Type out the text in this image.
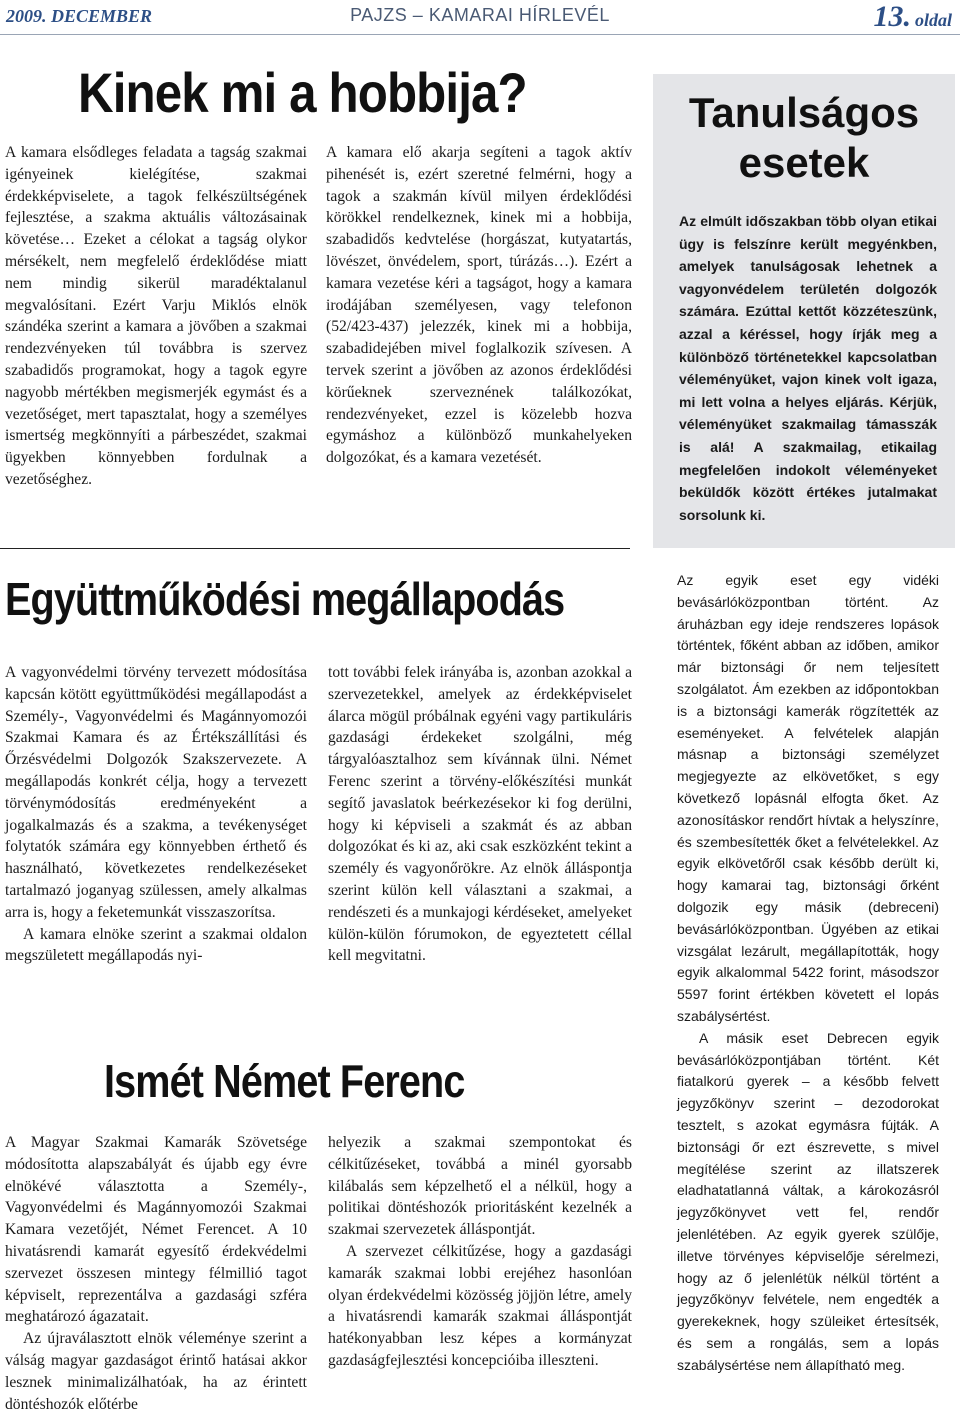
2009. DECEMBER	PAJZS – KAMARAI HÍRLEVÉL	13. oldal
Kinek mi a hobbija?

A kamara elsődleges feladata a tagság szakmai igényeinek kielégítése, szakmai érdekképviselete, a tagok felkészültségének fejlesztése, a szakma aktuális változásainak követése… Ezeket a célokat a tagság olykor mérsékelt, nem megfelelő érdeklődése miatt nem mindig sikerül maradéktalanul megvalósítani. Ezért Varju Miklós elnök szándéka szerint a kamara a jövőben a szakmai rendezvényeken túl továbbra is szervez szabadidős programokat, hogy a tagok egyre nagyobb mértékben megismerjék egymást és a vezetőséget, mert tapasztalat, hogy a személyes ismertség megkönnyíti a párbeszédet, szakmai ügyekben könnyebben fordulnak a vezetőséghez.

A kamara elő akarja segíteni a tagok aktív pihenését is, ezért szeretné felmérni, hogy a tagok a szakmán kívül milyen érdeklődési körökkel rendelkeznek, kinek mi a hobbija, szabadidős kedvtelése (horgászat, kutyatartás, lövészet, önvédelem, sport, túrázás…). Ezért a kamara vezetése kéri a tagságot, hogy a kamara irodájában személyesen, vagy telefonon (52/423-437) jelezzék, kinek mi a hobbija, szabadidejében mivel foglalkozik szívesen. A tervek szerint a jövőben az azonos érdeklődési körűeknek szerveznének találkozókat, rendezvényeket, ezzel is közelebb hozva egymáshoz a különböző munkahelyeken dolgozókat, és a kamara vezetését.

Tanulságos
esetek
Az elmúlt időszakban több olyan etikai ügy is felszínre került megyénkben, amelyek tanulságosak lehetnek a vagyonvédelem területén dolgozók számára. Ezúttal kettőt közzéteszünk, azzal a kéréssel, hogy írják meg a különböző történetekkel kapcsolatban véleményüket, vajon kinek volt igaza, mi lett volna a helyes eljárás. Kérjük, véleményüket szakmailag támasszák is alá! A szakmailag, etikailag megfelelően indokolt véleményeket beküldők között értékes jutalmakat sorsolunk ki.
Együttműködési megállapodás

A vagyonvédelmi törvény tervezett módosítása kapcsán kötött együttműködési megállapodást a Személy-, Vagyonvédelmi és Magánnyomozói Szakmai Kamara és az Értékszállítási és Őrzésvédelmi Dolgozók Szakszervezete. A megállapodás konkrét célja, hogy a tervezett törvénymódosítás eredményeként a jogalkalmazás és a szakma, a tevékenységet folytatók számára egy könnyebben érthető és használható, következetes rendelkezéseket tartalmazó joganyag szülessen, amely alkalmas arra is, hogy a feketemunkát visszaszorítsa.

A kamara elnöke szerint a szakmai oldalon megszületett megállapodás nyi-

tott további felek irányába is, azonban azokkal a szervezetekkel, amelyek az érdekképviselet álarca mögül próbálnak egyéni vagy partikuláris gazdasági érdekeket szolgálni, még tárgyalóasztalhoz sem kívánnak ülni. Német Ferenc szerint a törvény-előkészítési munkát segítő javaslatok beérkezésekor ki fog derülni, hogy ki képviseli a szakmát és az abban dolgozókat és ki az, aki csak eszközként tekint a személy és vagyonőrökre. Az elnök álláspontja szerint külön kell választani a szakmai, a rendészeti és a munkajogi kérdéseket, amelyeket külön-külön fórumokon, de egyeztetett céllal kell megvitatni.

Ismét Német Ferenc

A Magyar Szakmai Kamarák Szövetsége módosította alapszabályát és újabb egy évre elnökévé választotta a Személy-, Vagyonvédelmi és Magánnyomozói Szakmai Kamara vezetőjét, Német Ferencet. A 10 hivatásrendi kamarát egyesítő érdekvédelmi szervezet összesen mintegy félmillió tagot képviselt, reprezentálva a gazdasági szféra meghatározó ágazatait.

Az újraválasztott elnök véleménye szerint a válság magyar gazdaságot érintő hatásai akkor lesznek minimalizálhatóak, ha az érintett döntéshozók előtérbe

helyezik a szakmai szempontokat és célkitűzéseket, továbbá a minél gyorsabb kilábalás sem képzelhető el a nélkül, hogy a politikai döntéshozók prioritásként kezelnék a szakmai szervezetek álláspontját.

A szervezet célkitűzése, hogy a gazdasági kamarák szakmai lobbi erejéhez hasonlóan olyan érdekvédelmi közösség jöjjön létre, amely a hivatásrendi kamarák szakmai álláspontját hatékonyabban lesz képes a kormányzat gazdaságfejlesztési koncepcióiba illeszteni.

Az egyik eset egy vidéki bevásárlóközpontban történt. Az áruházban egy ideje rendszeres lopások történtek, főként abban az időben, amikor már biztonsági őr nem teljesített szolgálatot. Ám ezekben az időpontokban is a biztonsági kamerák rögzítették az eseményeket. A felvételek alapján másnap a biztonsági személyzet megjegyezte az elkövetőket, s egy következő lopásnál elfogta őket. Az azonosításkor rendőrt hívtak a helyszínre, és szembesítették őket a felvételekkel. Az egyik elkövetőről csak később derült ki, hogy kamarai tag, biztonsági őrként dolgozik egy másik (debreceni) bevásárlóközpontban. Ügyében az etikai vizsgálat lezárult, megállapították, hogy egyik alkalommal 5422 forint, másodszor 5597 forint értékben követett el lopás szabálysértést.

A másik eset Debrecen egyik bevásárlóközpontjában történt. Két fiatalkorú gyerek – a később felvett jegyzőkönyv szerint – dezodorokat tesztelt, s azokat egymásra fújták. A biztonsági őr ezt észrevette, s mivel megítélése szerint az illatszerek eladhatatlanná váltak, a károkozásról jegyzőkönyvet vett fel, rendőr jelenlétében. Az egyik gyerek szülője, illetve törvényes képviselője sérelmezi, hogy az ő jelenlétük nélkül történt a jegyzőkönyv felvétele, nem engedték a gyerekeknek, hogy szüleiket értesítsék, és sem a rongálás, sem a lopás szabálysértése nem állapítható meg.
